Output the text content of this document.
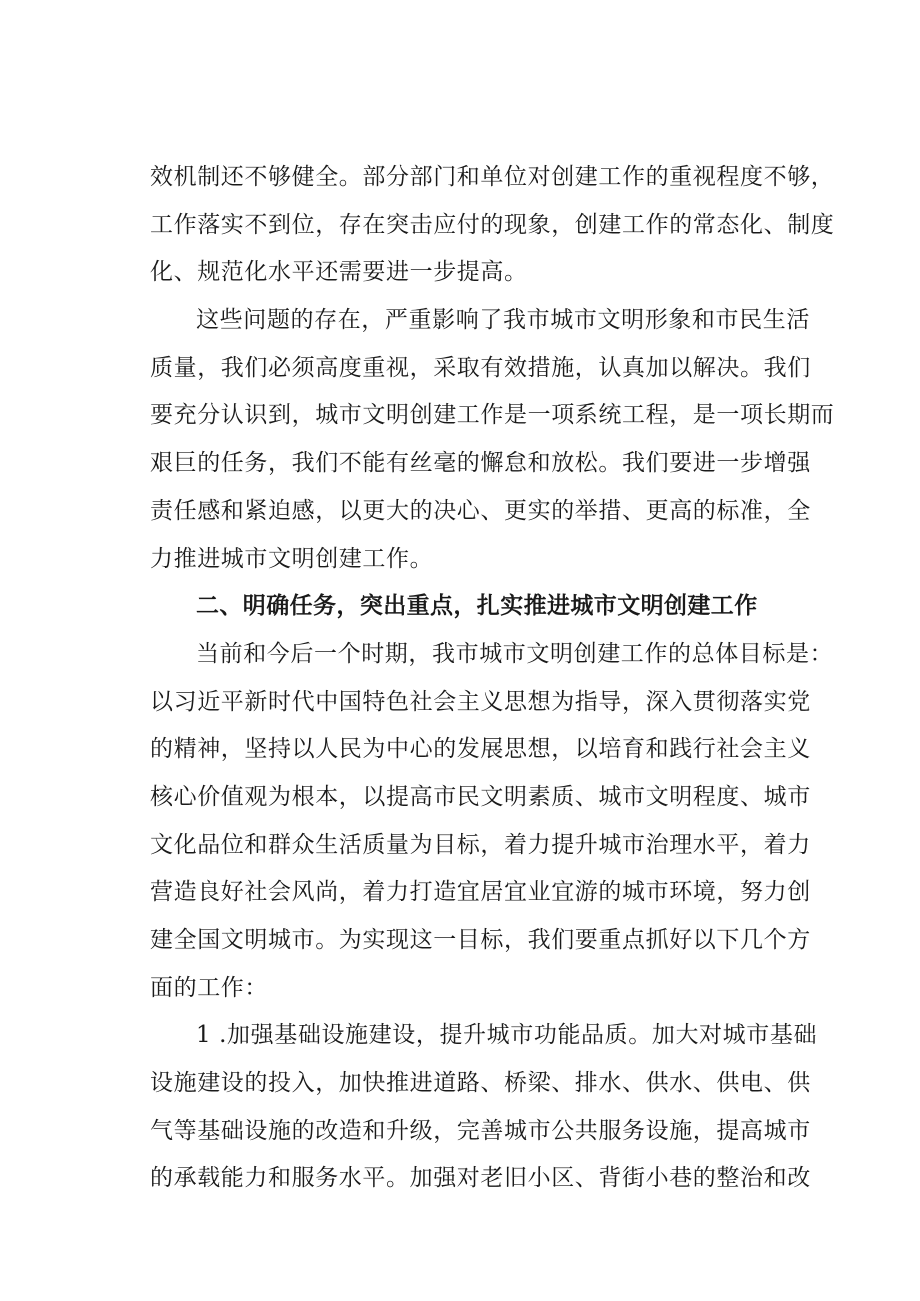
效机制还不够健全。部分部门和单位对创建工作的重视程度不够，
工作落实不到位，存在突击应付的现象，创建工作的常态化、制度
化、规范化水平还需要进一步提高。
这些问题的存在，严重影响了我市城市文明形象和市民生活
质量，我们必须高度重视，采取有效措施，认真加以解决。我们
要充分认识到，城市文明创建工作是一项系统工程，是一项长期而
艰巨的任务，我们不能有丝毫的懈怠和放松。我们要进一步增强
责任感和紧迫感，以更大的决心、更实的举措、更高的标准，全
力推进城市文明创建工作。
二、明确任务，突出重点，扎实推进城市文明创建工作
当前和今后一个时期，我市城市文明创建工作的总体目标是：
以习近平新时代中国特色社会主义思想为指导，深入贯彻落实党
的精神，坚持以人民为中心的发展思想，以培育和践行社会主义
核心价值观为根本，以提高市民文明素质、城市文明程度、城市
文化品位和群众生活质量为目标，着力提升城市治理水平，着力
营造良好社会风尚，着力打造宜居宜业宜游的城市环境，努力创
建全国文明城市。为实现这一目标，我们要重点抓好以下几个方
面的工作：
1 .加强基础设施建设，提升城市功能品质。加大对城市基础
设施建设的投入，加快推进道路、桥梁、排水、供水、供电、供
气等基础设施的改造和升级，完善城市公共服务设施，提高城市
的承载能力和服务水平。加强对老旧小区、背街小巷的整治和改
